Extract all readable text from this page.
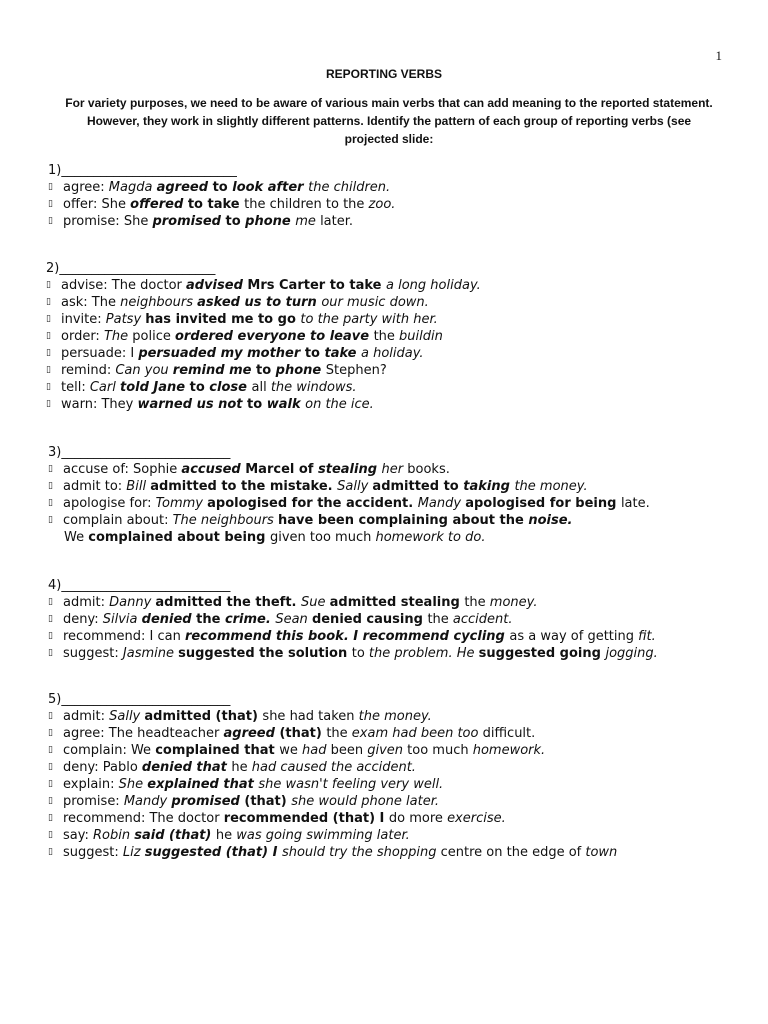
1
REPORTING VERBS
For variety purposes, we need to be aware of various main verbs that can add meaning to the reported statement. However, they work in slightly different patterns. Identify the pattern of each group of reporting verbs (see projected slide:
1)___________________________
▯ agree: Magda agreed to look after the children.
▯ offer: She offered to take the children to the zoo.
▯ promise: She promised to phone me later.
2)________________________
▯ advise: The doctor advised Mrs Carter to take a long holiday.
▯ ask: The neighbours asked us to turn our music down.
▯ invite: Patsy has invited me to go to the party with her.
▯ order: The police ordered everyone to leave the buildin
▯ persuade: I persuaded my mother to take a holiday.
▯ remind: Can you remind me to phone Stephen?
▯ tell: Carl told Jane to close all the windows.
▯ warn: They warned us not to walk on the ice.
3)__________________________
▯ accuse of: Sophie accused Marcel of stealing her books.
▯ admit to: Bill admitted to the mistake. Sally admitted to taking the money.
▯ apologise for: Tommy apologised for the accident. Mandy apologised for being late.
▯ complain about: The neighbours have been complaining about the noise.
We complained about being given too much homework to do.
4)__________________________
▯ admit: Danny admitted the theft. Sue admitted stealing the money.
▯ deny: Silvia denied the crime. Sean denied causing the accident.
▯ recommend: I can recommend this book. I recommend cycling as a way of getting fit.
▯ suggest: Jasmine suggested the solution to the problem. He suggested going jogging.
5)__________________________
▯ admit: Sally admitted (that) she had taken the money.
▯ agree: The headteacher agreed (that) the exam had been too difficult.
▯ complain: We complained that we had been given too much homework.
▯ deny: Pablo denied that he had caused the accident.
▯ explain: She explained that she wasn't feeling very well.
▯ promise: Mandy promised (that) she would phone later.
▯ recommend: The doctor recommended (that) I do more exercise.
▯ say: Robin said (that) he was going swimming later.
▯ suggest: Liz suggested (that) I should try the shopping centre on the edge of town
